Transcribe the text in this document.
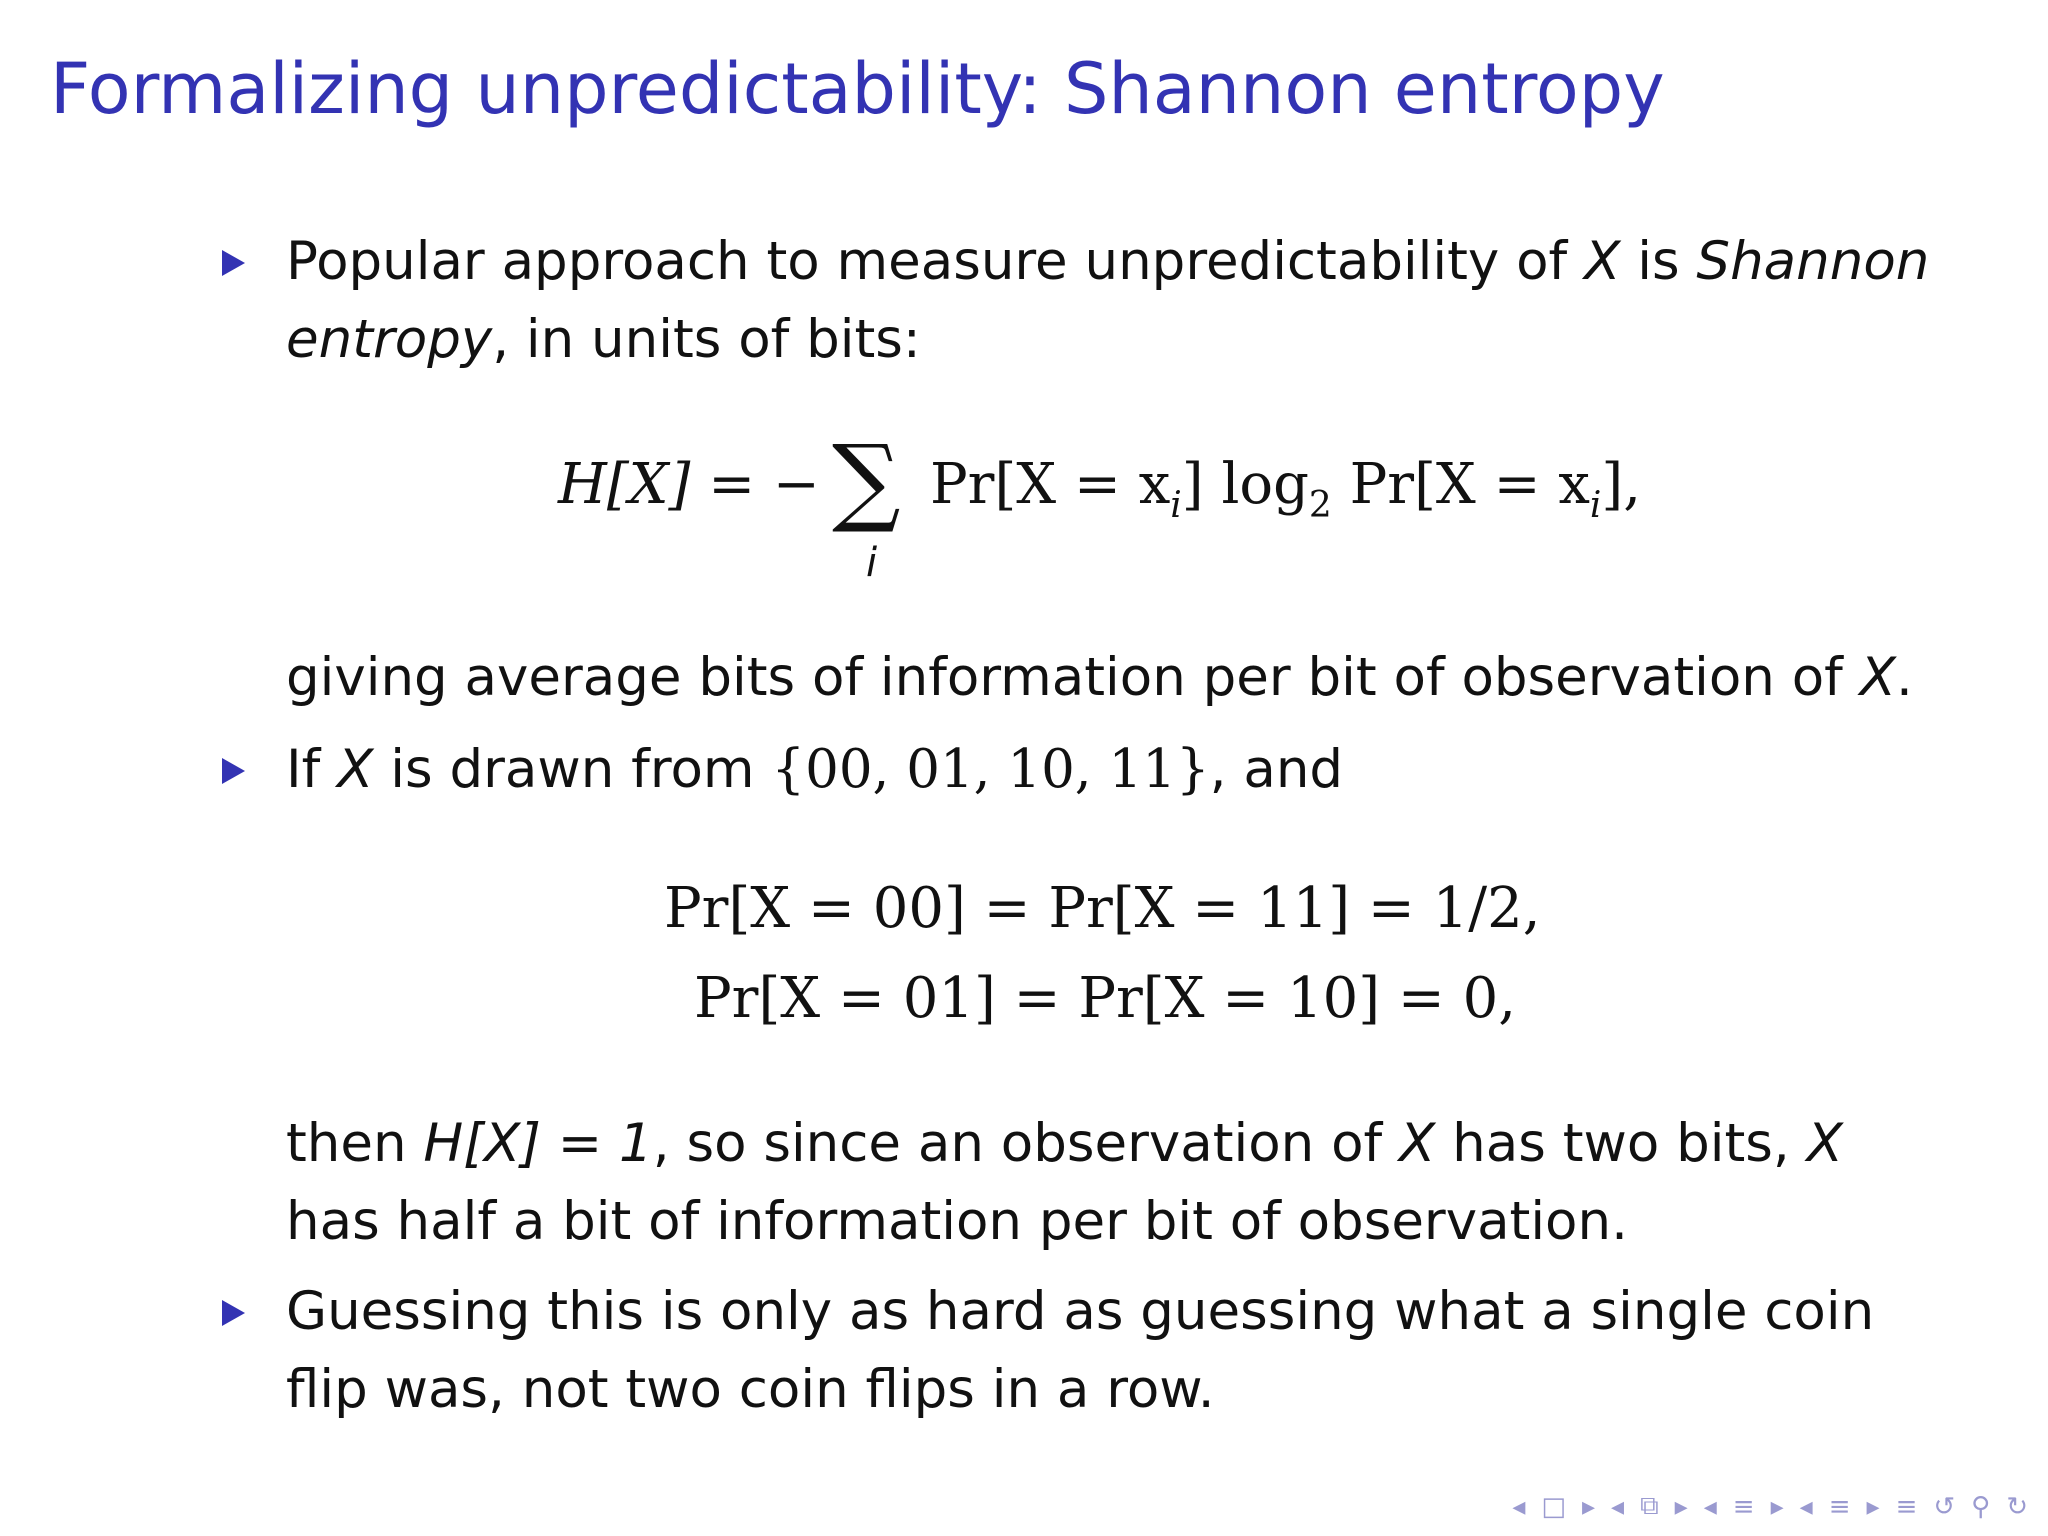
Formalizing unpredictability: Shannon entropy
Popular approach to measure unpredictability of X is Shannon
entropy, in units of bits:
H[X] = − ∑
i
$Pr[X = x_i]$ $\log_2 Pr[X = x_i]$,
giving average bits of information per bit of observation of X.
If X is drawn from {00, 01, 10, 11}, and
Pr[X = 00] = Pr[X = 11] = 1/2,
Pr[X = 01] = Pr[X = 10] = 0,
then H[X] = 1, so since an observation of X has two bits, X
has half a bit of information per bit of observation.
Guessing this is only as hard as guessing what a single coin
flip was, not two coin flips in a row.
◂ □ ▸ ◂ ⧉ ▸ ◂ ≡ ▸ ◂ ≡ ▸ ≡ ↺ ⚲ ↻
